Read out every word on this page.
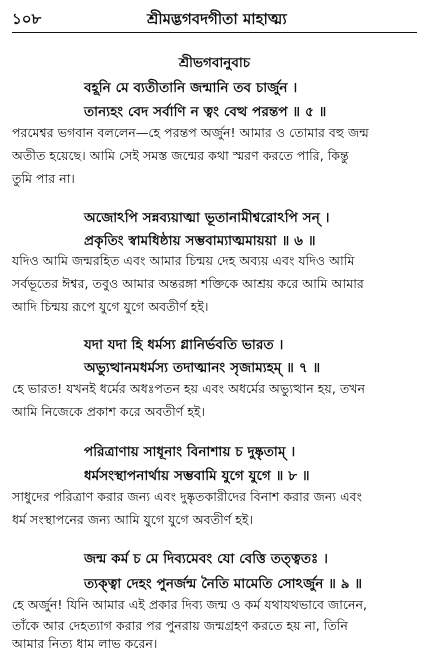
১০৮	শ্রীমদ্ভগবদগীতা মাহাত্ম্য
শ্রীভগবানুবাচ
বহূনি মে ব্যতীতানি জন্মানি তব চার্জুন ।
তান্যহং বেদ সর্বাণি ন ত্বং বেত্থ পরন্তপ ॥ ৫ ॥
পরমেশ্বর ভগবান বললেন—হে পরন্তপ অর্জুন! আমার ও তোমার বহু জন্ম
অতীত হয়েছে। আমি সেই সমস্ত জন্মের কথা স্মরণ করতে পারি, কিন্তু
তুমি পার না।
অজোঽপি সন্নব্যয়াত্মা ভূতানামীশ্বরোঽপি সন্ ।
প্রকৃতিং স্বামধিষ্ঠায় সম্ভবাম্যাত্মমায়য়া ॥ ৬ ॥
যদিও আমি জন্মরহিত এবং আমার চিন্ময় দেহ অব্যয় এবং যদিও আমি
সর্বভূতের ঈশ্বর, তবুও আমার অন্তরঙ্গা শক্তিকে আশ্রয় করে আমি আমার
আদি চিন্ময় রূপে যুগে যুগে অবতীর্ণ হই।
যদা যদা হি ধর্মস্য গ্লানির্ভবতি ভারত ।
অভ্যুত্থানমধর্মস্য তদাত্মানং সৃজাম্যহম্ ॥ ৭ ॥
হে ভারত! যখনই ধর্মের অধঃপতন হয় এবং অধর্মের অভ্যুত্থান হয়, তখন
আমি নিজেকে প্রকাশ করে অবতীর্ণ হই।
পরিত্রাণায় সাধূনাং বিনাশায় চ দুষ্কৃতাম্ ।
ধর্মসংস্থাপনার্থায় সম্ভবামি যুগে যুগে ॥ ৮ ॥
সাধুদের পরিত্রাণ করার জন্য এবং দুষ্কৃতকারীদের বিনাশ করার জন্য এবং
ধর্ম সংস্থাপনের জন্য আমি যুগে যুগে অবতীর্ণ হই।
জন্ম কর্ম চ মে দিব্যমেবং যো বেত্তি তত্ত্বতঃ ।
ত্যক্ত্বা দেহং পুনর্জন্ম নৈতি মামেতি সোঽর্জুন ॥ ৯ ॥
হে অর্জুন! যিনি আমার এই প্রকার দিব্য জন্ম ও কর্ম যথাযথভাবে জানেন,
তাঁকে আর দেহত্যাগ করার পর পুনরায় জন্মগ্রহণ করতে হয় না, তিনি
আমার নিত্য ধাম লাভ করেন।
